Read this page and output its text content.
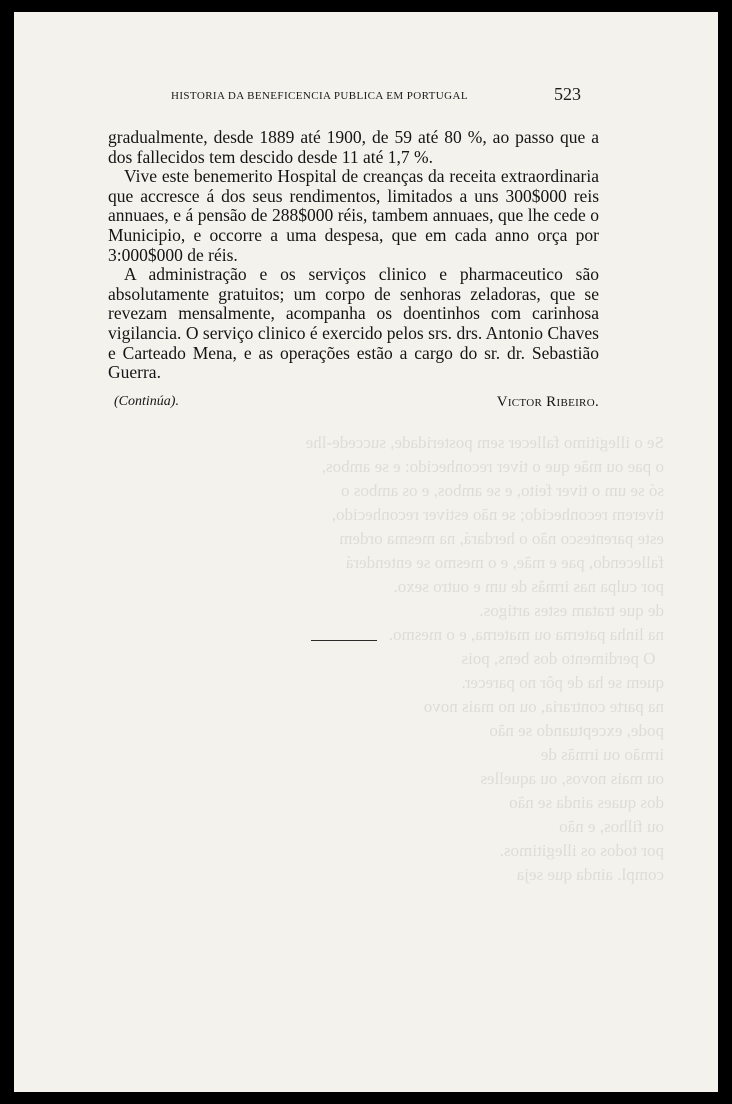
Se o illegitimo fallecer sem posteridade, succede-lhe
o pae ou mãe que o tiver reconhecido: e se ambos,
só se um o tiver feito, e se ambos, e os ambos o
tiverem reconhecido; se não estiver reconhecido,
este parentesco não o herdará, na mesma ordem
fallecendo, pae e mãe, e o mesmo se entenderá
por culpa nas irmãs de um e outro sexo.
de que tratam estes artigos.
na linha paterna ou materna, e o mesmo.
O perdimento dos bens, pois
quem se ha de pôr no parecer.
na parte contraria, ou no mais novo
pode, exceptuando se não
irmão ou irmãs de
ou mais novos, ou aquelles
dos quaes ainda se não
ou filhos, e não
por todos os illegitimos.
compl. ainda que seja

HISTORIA DA BENEFICENCIA PUBLICA EM PORTUGAL	523

gradualmente, desde 1889 até 1900, de 59 até 80 %, ao passo que a dos fallecidos tem descido desde 11 até 1,7 %.

Vive este benemerito Hospital de creanças da receita extraordinaria que accresce á dos seus rendimentos, limitados a uns 300$000 reis annuaes, e á pensão de 288$000 réis, tambem annuaes, que lhe cede o Municipio, e occorre a uma despesa, que em cada anno orça por 3:000$000 de réis.

A administração e os serviços clinico e pharmaceutico são absolutamente gratuitos; um corpo de senhoras zeladoras, que se revezam mensalmente, acompanha os doentinhos com carinhosa vigilancia. O serviço clinico é exercido pelos srs. drs. Antonio Chaves e Carteado Mena, e as operações estão a cargo do sr. dr. Sebastião Guerra.

(Continúa).	Victor Ribeiro.
